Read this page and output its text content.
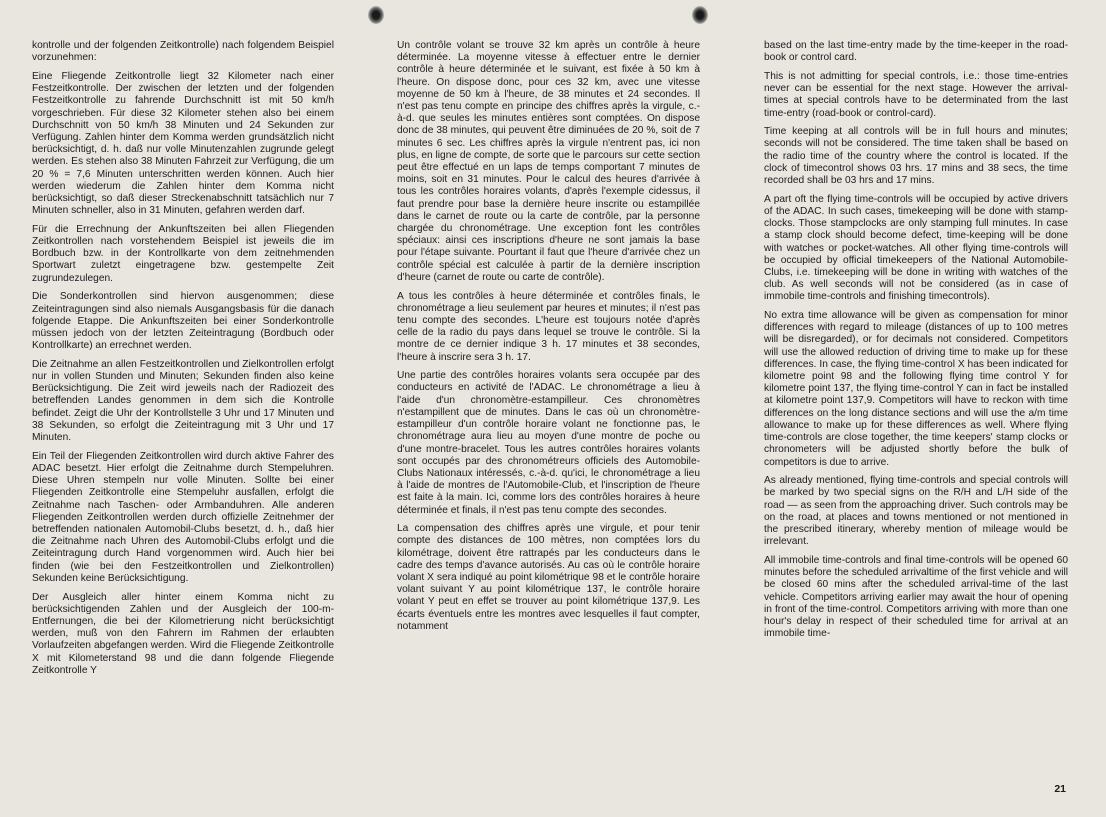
kontrolle und der folgenden Zeitkontrolle) nach folgendem Beispiel vorzunehmen:

Eine Fliegende Zeitkontrolle liegt 32 Kilometer nach einer Festzeitkontrolle. Der zwischen der letzten und der folgenden Festzeitkontrolle zu fahrende Durchschnitt ist mit 50 km/h vorgeschrieben. Für diese 32 Kilometer stehen also bei einem Durchschnitt von 50 km/h 38 Minuten und 24 Sekunden zur Verfügung. Zahlen hinter dem Komma werden grundsätzlich nicht berücksichtigt, d. h. daß nur volle Minutenzahlen zugrunde gelegt werden. Es stehen also 38 Minuten Fahrzeit zur Verfügung, die um 20 % = 7,6 Minuten unterschritten werden können. Auch hier werden wiederum die Zahlen hinter dem Komma nicht berücksichtigt, so daß dieser Streckenabschnitt tatsächlich nur 7 Minuten schneller, also in 31 Minuten, gefahren werden darf.

Für die Errechnung der Ankunftszeiten bei allen Fliegenden Zeitkontrollen nach vorstehendem Beispiel ist jeweils die im Bordbuch bzw. in der Kontrollkarte von dem zeitnehmenden Sportwart zuletzt eingetragene bzw. gestempelte Zeit zugrundezulegen.

Die Sonderkontrollen sind hiervon ausgenommen; diese Zeiteintragungen sind also niemals Ausgangsbasis für die danach folgende Etappe. Die Ankunftszeiten bei einer Sonderkontrolle müssen jedoch von der letzten Zeiteintragung (Bordbuch oder Kontrollkarte) an errechnet werden.

Die Zeitnahme an allen Festzeitkontrollen und Zielkontrollen erfolgt nur in vollen Stunden und Minuten; Sekunden finden also keine Berücksichtigung. Die Zeit wird jeweils nach der Radiozeit des betreffenden Landes genommen in dem sich die Kontrolle befindet. Zeigt die Uhr der Kontrollstelle 3 Uhr und 17 Minuten und 38 Sekunden, so erfolgt die Zeiteintragung mit 3 Uhr und 17 Minuten.

Ein Teil der Fliegenden Zeitkontrollen wird durch aktive Fahrer des ADAC besetzt. Hier erfolgt die Zeitnahme durch Stempeluhren. Diese Uhren stempeln nur volle Minuten. Sollte bei einer Fliegenden Zeitkontrolle eine Stempeluhr ausfallen, erfolgt die Zeitnahme nach Taschen- oder Armbanduhren. Alle anderen Fliegenden Zeitkontrollen werden durch offizielle Zeitnehmer der betreffenden nationalen Automobil-Clubs besetzt, d. h., daß hier die Zeitnahme nach Uhren des Automobil-Clubs erfolgt und die Zeiteintragung durch Hand vorgenommen wird. Auch hier bei finden (wie bei den Festzeitkontrollen und Zielkontrollen) Sekunden keine Berücksichtigung.

Der Ausgleich aller hinter einem Komma nicht zu berücksichtigenden Zahlen und der Ausgleich der 100-m-Entfernungen, die bei der Kilometrierung nicht berücksichtigt werden, muß von den Fahrern im Rahmen der erlaubten Vorlaufzeiten abgefangen werden. Wird die Fliegende Zeitkontrolle X mit Kilometerstand 98 und die dann folgende Fliegende Zeitkontrolle Y

Un contrôle volant se trouve 32 km après un contrôle à heure déterminée. La moyenne vitesse à effectuer entre le dernier contrôle à heure déterminée et le suivant, est fixée à 50 km à l'heure. On dispose donc, pour ces 32 km, avec une vitesse moyenne de 50 km à l'heure, de 38 minutes et 24 secondes. Il n'est pas tenu compte en principe des chiffres après la virgule, c.-à-d. que seules les minutes entières sont comptées. On dispose donc de 38 minutes, qui peuvent être diminuées de 20 %, soit de 7 minutes 6 sec. Les chiffres après la virgule n'entrent pas, ici non plus, en ligne de compte, de sorte que le parcours sur cette section peut être effectué en un laps de temps comportant 7 minutes de moins, soit en 31 minutes. Pour le calcul des heures d'arrivée à tous les contrôles horaires volants, d'après l'exemple cidessus, il faut prendre pour base la dernière heure inscrite ou estampillée dans le carnet de route ou la carte de contrôle, par la personne chargée du chronométrage. Une exception font les contrôles spéciaux: ainsi ces inscriptions d'heure ne sont jamais la base pour l'étape suivante. Pourtant il faut que l'heure d'arrivée chez un contrôle spécial est calculée à partir de la dernière inscription d'heure (carnet de route ou carte de contrôle).

A tous les contrôles à heure déterminée et contrôles finals, le chronométrage a lieu seulement par heures et minutes; il n'est pas tenu compte des secondes. L'heure est toujours notée d'après celle de la radio du pays dans lequel se trouve le contrôle. Si la montre de ce dernier indique 3 h. 17 minutes et 38 secondes, l'heure à inscrire sera 3 h. 17.

Une partie des contrôles horaires volants sera occupée par des conducteurs en activité de l'ADAC. Le chronométrage a lieu à l'aide d'un chronomètre-estampilleur. Ces chronomètres n'estampillent que de minutes. Dans le cas où un chronomètre-estampilleur d'un contrôle horaire volant ne fonctionne pas, le chronométrage aura lieu au moyen d'une montre de poche ou d'une montre-bracelet. Tous les autres contrôles horaires volants sont occupés par des chronométreurs officiels des Automobile-Clubs Nationaux intéressés, c.-à-d. qu'ici, le chronométrage a lieu à l'aide de montres de l'Automobile-Club, et l'inscription de l'heure est faite à la main. Ici, comme lors des contrôles horaires à heure déterminée et finals, il n'est pas tenu compte des secondes.

La compensation des chiffres après une virgule, et pour tenir compte des distances de 100 mètres, non comptées lors du kilométrage, doivent être rattrapés par les conducteurs dans le cadre des temps d'avance autorisés. Au cas où le contrôle horaire volant X sera indiqué au point kilométrique 98 et le contrôle horaire volant suivant Y au point kilométrique 137, le contrôle horaire volant Y peut en effet se trouver au point kilométrique 137,9. Les écarts éventuels entre les montres avec lesquelles il faut compter, notamment

based on the last time-entry made by the time-keeper in the road-book or control card.

This is not admitting for special controls, i.e.: those time-entries never can be essential for the next stage. However the arrival-times at special controls have to be determinated from the last time-entry (road-book or control-card).

Time keeping at all controls will be in full hours and minutes; seconds will not be considered. The time taken shall be based on the radio time of the country where the control is located. If the clock of timecontrol shows 03 hrs. 17 mins and 38 secs, the time recorded shall be 03 hrs and 17 mins.

A part oft the flying time-controls will be occupied by active drivers of the ADAC. In such cases, timekeeping will be done with stamp-clocks. Those stampclocks are only stamping full minutes. In case a stamp clock should become defect, time-keeping will be done with watches or pocket-watches. All other flying time-controls will be occupied by official timekeepers of the National Automobile-Clubs, i.e. timekeeping will be done in writing with watches of the club. As well seconds will not be considered (as in case of immobile time-controls and finishing timecontrols).

No extra time allowance will be given as compensation for minor differences with regard to mileage (distances of up to 100 metres will be disregarded), or for decimals not considered. Competitors will use the allowed reduction of driving time to make up for these differences. In case, the flying time-control X has been indicated for kilometre point 98 and the following flying time control Y for kilometre point 137, the flying time-control Y can in fact be installed at kilometre point 137,9. Competitors will have to reckon with time differences on the long distance sections and will use the a/m time allowance to make up for these differences as well. Where flying time-controls are close together, the time keepers' stamp clocks or chronometers will be adjusted shortly before the bulk of competitors is due to arrive.

As already mentioned, flying time-controls and special controls will be marked by two special signs on the R/H and L/H side of the road — as seen from the approaching driver. Such controls may be on the road, at places and towns mentioned or not mentioned in the prescribed itinerary, whereby mention of mileage would be irrelevant.

All immobile time-controls and final time-controls will be opened 60 minutes before the scheduled arrivaltime of the first vehicle and will be closed 60 mins after the scheduled arrival-time of the last vehicle. Competitors arriving earlier may await the hour of opening in front of the time-control. Competitors arriving with more than one hour's delay in respect of their scheduled time for arrival at an immobile time-

21
